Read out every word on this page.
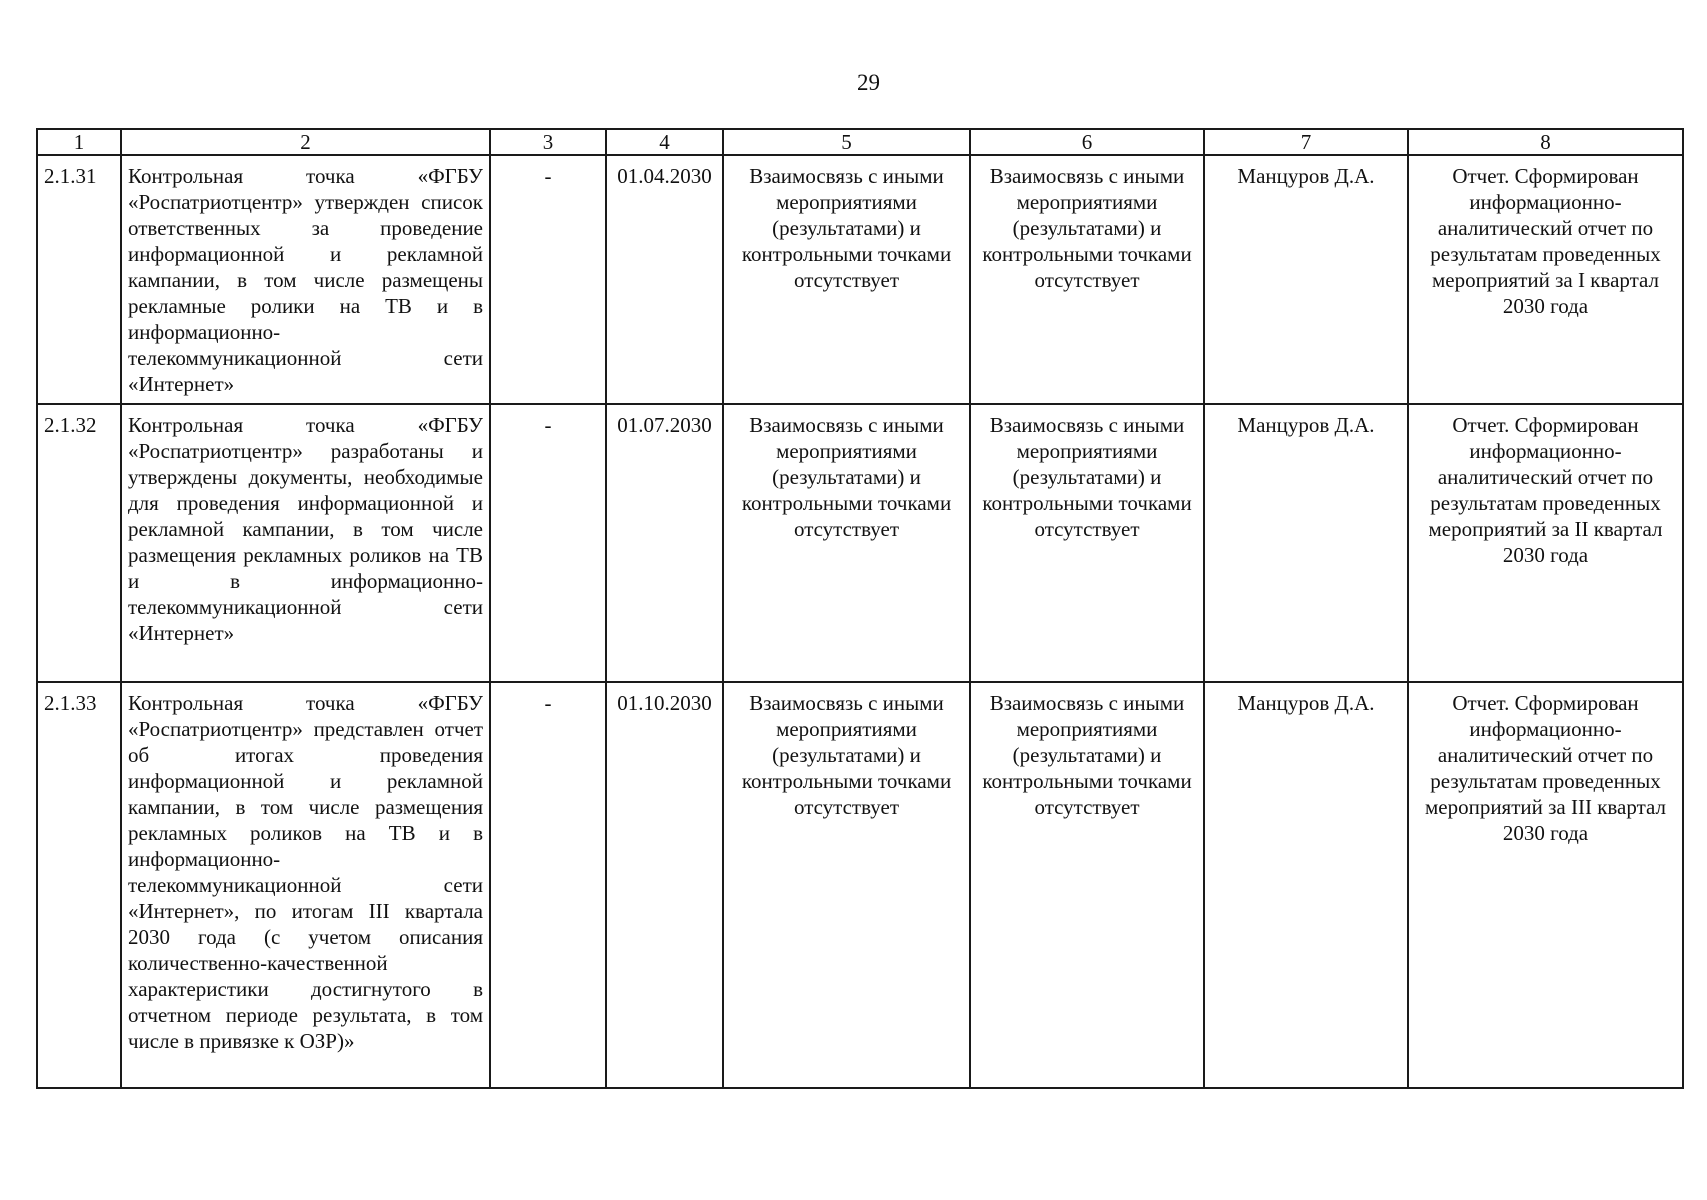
29
1	2	3	4	5	6	7	8
2.1.31	Контрольная точка «ФГБУ «Роспатриотцентр» утвержден список ответственных за проведение информационной и рекламной кампании, в том числе размещены рекламные ролики на ТВ и в информационно-телекоммуникационной сети «Интернет»	-	01.04.2030	Взаимосвязь с иными мероприятиями (результатами) и контрольными точками отсутствует	Взаимосвязь с иными мероприятиями (результатами) и контрольными точками отсутствует	Манцуров Д.А.	Отчет. Сформирован информационно-аналитический отчет по результатам проведенных мероприятий за I квартал 2030 года
2.1.32	Контрольная точка «ФГБУ «Роспатриотцентр» разработаны и утверждены документы, необходимые для проведения информационной и рекламной кампании, в том числе размещения рекламных роликов на ТВ и в информационно-телекоммуникационной сети «Интернет»	-	01.07.2030	Взаимосвязь с иными мероприятиями (результатами) и контрольными точками отсутствует	Взаимосвязь с иными мероприятиями (результатами) и контрольными точками отсутствует	Манцуров Д.А.	Отчет. Сформирован информационно-аналитический отчет по результатам проведенных мероприятий за II квартал 2030 года
2.1.33	Контрольная точка «ФГБУ «Роспатриотцентр» представлен отчет об итогах проведения информационной и рекламной кампании, в том числе размещения рекламных роликов на ТВ и в информационно-телекоммуникационной сети «Интернет», по итогам III квартала 2030 года (с учетом описания количественно-качественной характеристики достигнутого в отчетном периоде результата, в том числе в привязке к ОЗР)»	-	01.10.2030	Взаимосвязь с иными мероприятиями (результатами) и контрольными точками отсутствует	Взаимосвязь с иными мероприятиями (результатами) и контрольными точками отсутствует	Манцуров Д.А.	Отчет. Сформирован информационно-аналитический отчет по результатам проведенных мероприятий за III квартал 2030 года
